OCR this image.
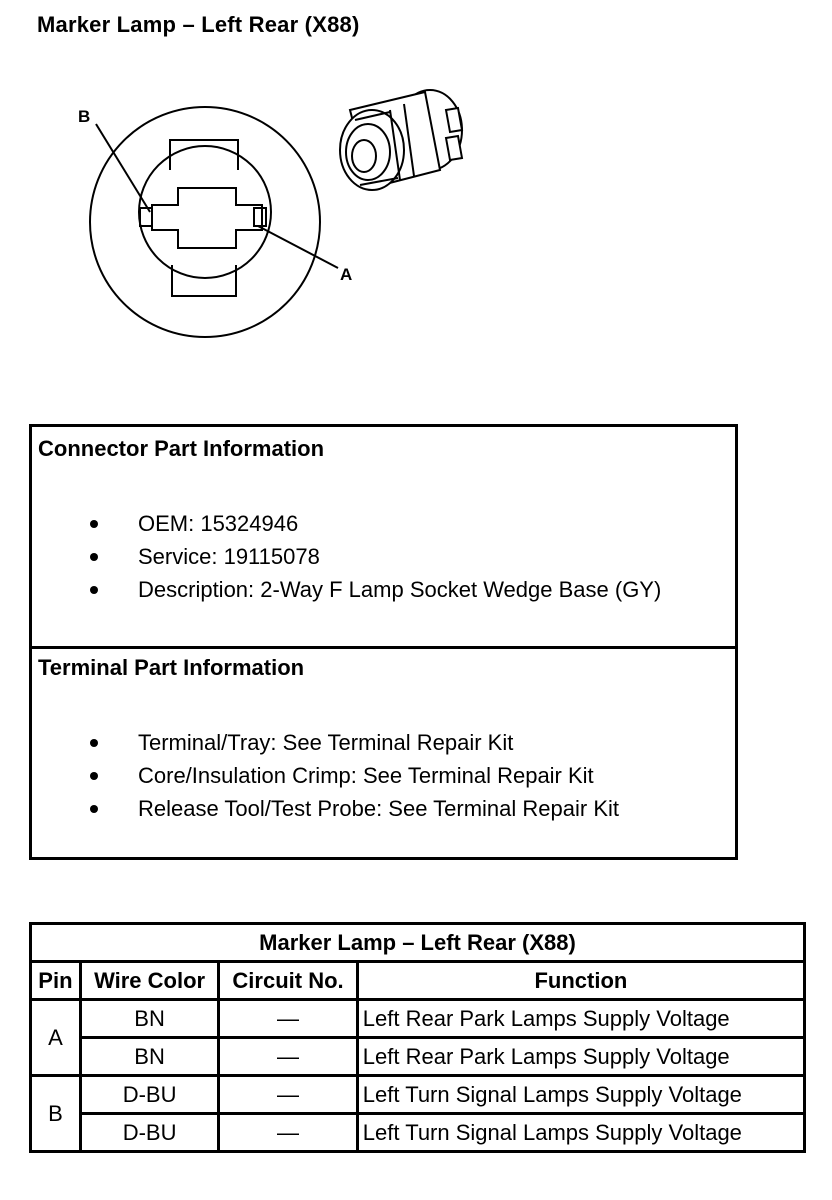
Marker Lamp – Left Rear (X88)
B
A
Connector Part Information
OEM: 15324946
Service: 19115078
Description: 2-Way F Lamp Socket Wedge Base (GY)
Terminal Part Information
Terminal/Tray: See Terminal Repair Kit
Core/Insulation Crimp: See Terminal Repair Kit
Release Tool/Test Probe: See Terminal Repair Kit
Marker Lamp – Left Rear (X88)			
Pin	Wire Color	Circuit No.	Function
A	BN	—	Left Rear Park Lamps Supply Voltage
	BN	—	Left Rear Park Lamps Supply Voltage
B	D-BU	—	Left Turn Signal Lamps Supply Voltage
	D-BU	—	Left Turn Signal Lamps Supply Voltage
